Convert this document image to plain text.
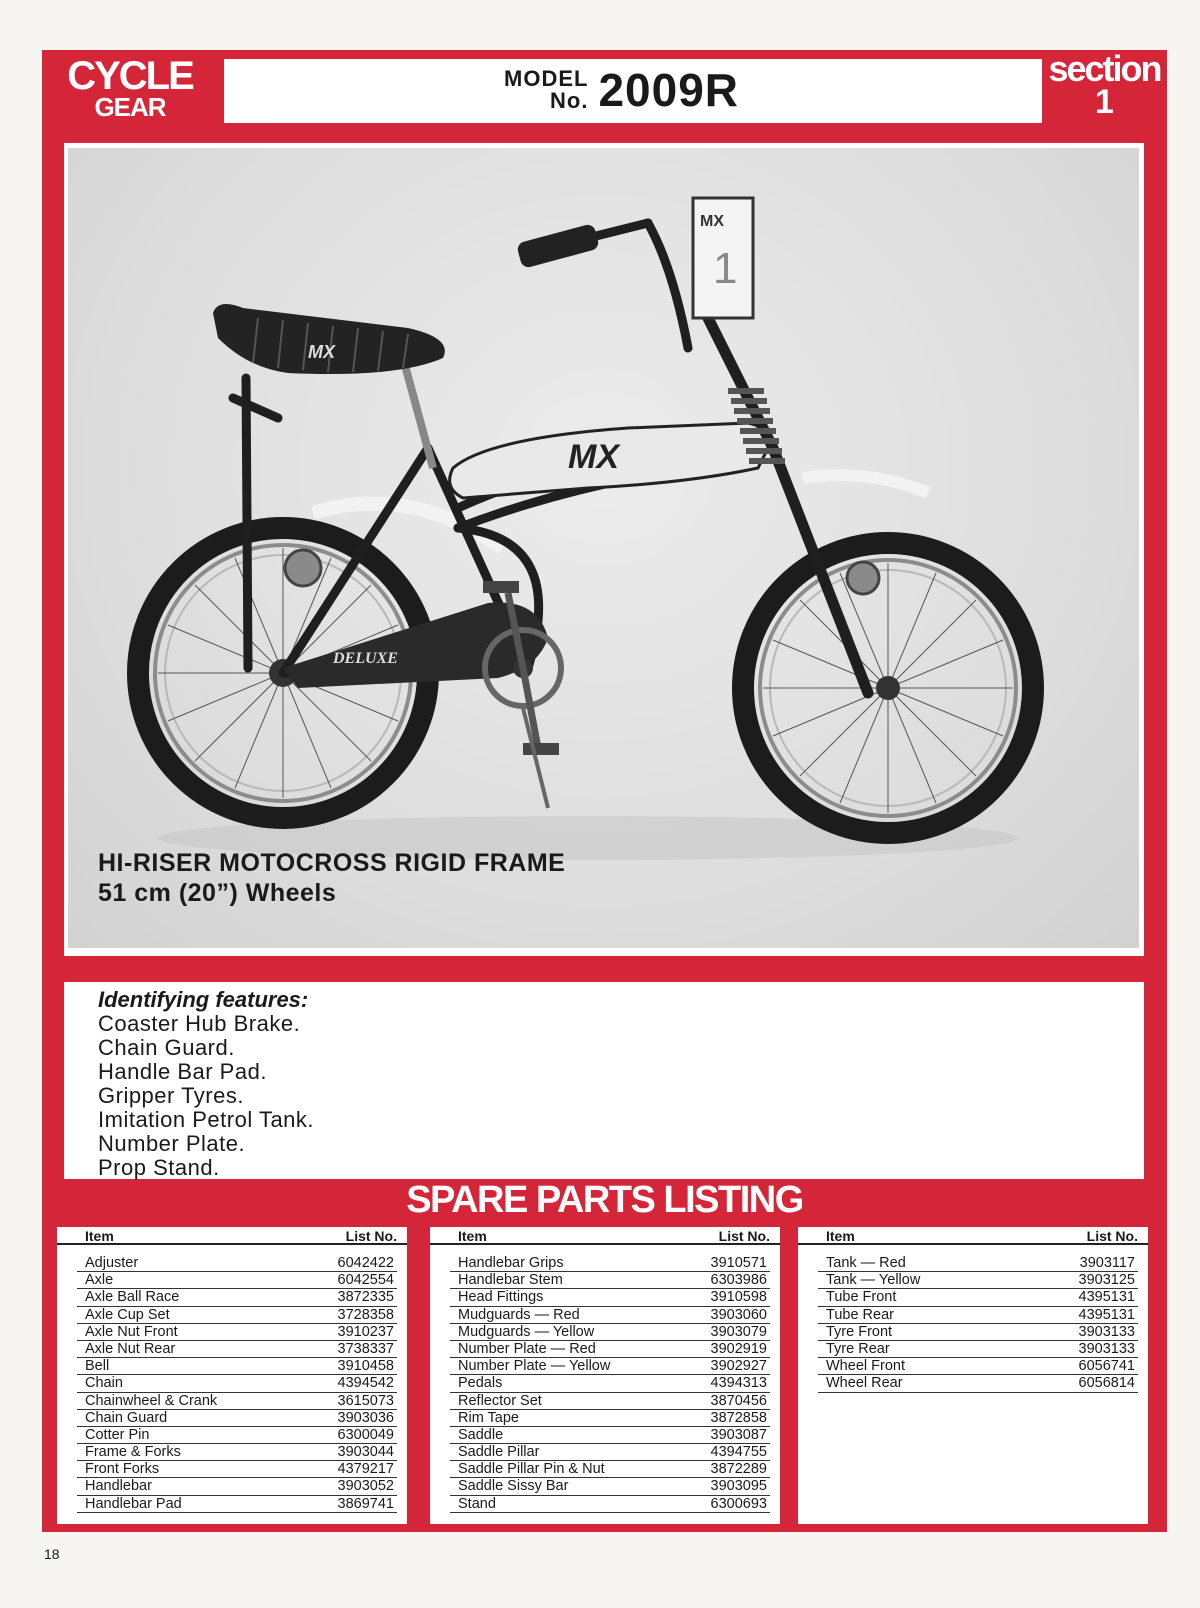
CYCLE
GEAR
MODEL
No. 2009R	section
1
MX
MX
MX
1
DELUXE
HI-RISER MOTOCROSS RIGID FRAME
51 cm (20”) Wheels
Identifying features:
Coaster Hub Brake.
Chain Guard.
Handle Bar Pad.
Gripper Tyres.
Imitation Petrol Tank.
Number Plate.
Prop Stand.
SPARE PARTS LISTING
Item	List No.
Adjuster	6042422
Axle	6042554
Axle Ball Race	3872335
Axle Cup Set	3728358
Axle Nut Front	3910237
Axle Nut Rear	3738337
Bell	3910458
Chain	4394542
Chainwheel & Crank	3615073
Chain Guard	3903036
Cotter Pin	6300049
Frame & Forks	3903044
Front Forks	4379217
Handlebar	3903052
Handlebar Pad	3869741
Item	List No.
Handlebar Grips	3910571
Handlebar Stem	6303986
Head Fittings	3910598
Mudguards — Red	3903060
Mudguards — Yellow	3903079
Number Plate — Red	3902919
Number Plate — Yellow	3902927
Pedals	4394313
Reflector Set	3870456
Rim Tape	3872858
Saddle	3903087
Saddle Pillar	4394755
Saddle Pillar Pin & Nut	3872289
Saddle Sissy Bar	3903095
Stand	6300693
Item	List No.
Tank — Red	3903117
Tank — Yellow	3903125
Tube Front	4395131
Tube Rear	4395131
Tyre Front	3903133
Tyre Rear	3903133
Wheel Front	6056741
Wheel Rear	6056814
18
